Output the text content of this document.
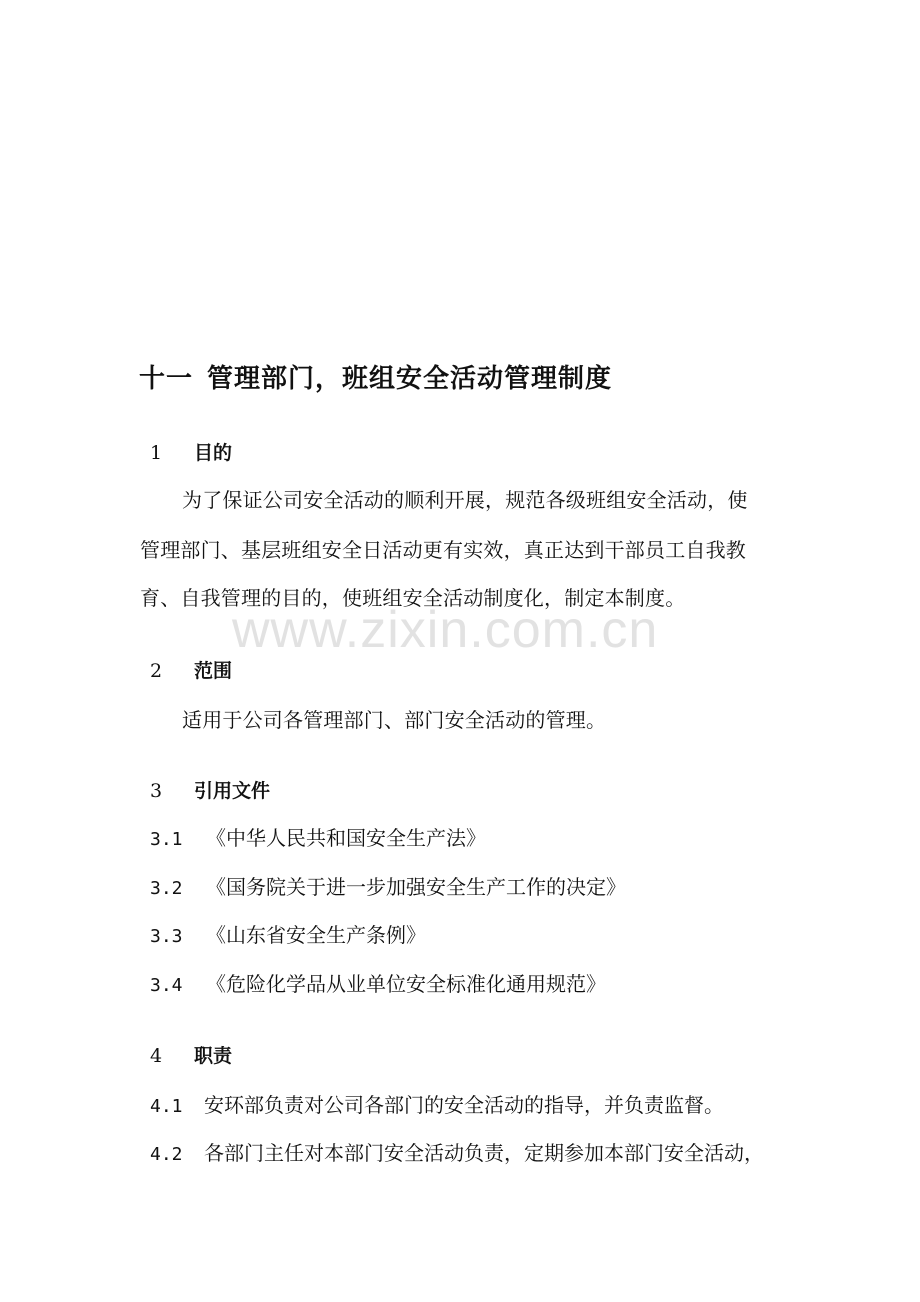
十一 管理部门，班组安全活动管理制度
1 目的
为了保证公司安全活动的顺利开展，规范各级班组安全活动，使
管理部门、基层班组安全日活动更有实效，真正达到干部员工自我教
育、自我管理的目的，使班组安全活动制度化，制定本制度。
www.zixin.com.cn
2 范围
适用于公司各管理部门、部门安全活动的管理。
3 引用文件
3.1 《中华人民共和国安全生产法》
3.2 《国务院关于进一步加强安全生产工作的决定》
3.3 《山东省安全生产条例》
3.4 《危险化学品从业单位安全标准化通用规范》
4 职责
4.1 安环部负责对公司各部门的安全活动的指导，并负责监督。
4.2 各部门主任对本部门安全活动负责，定期参加本部门安全活动，
